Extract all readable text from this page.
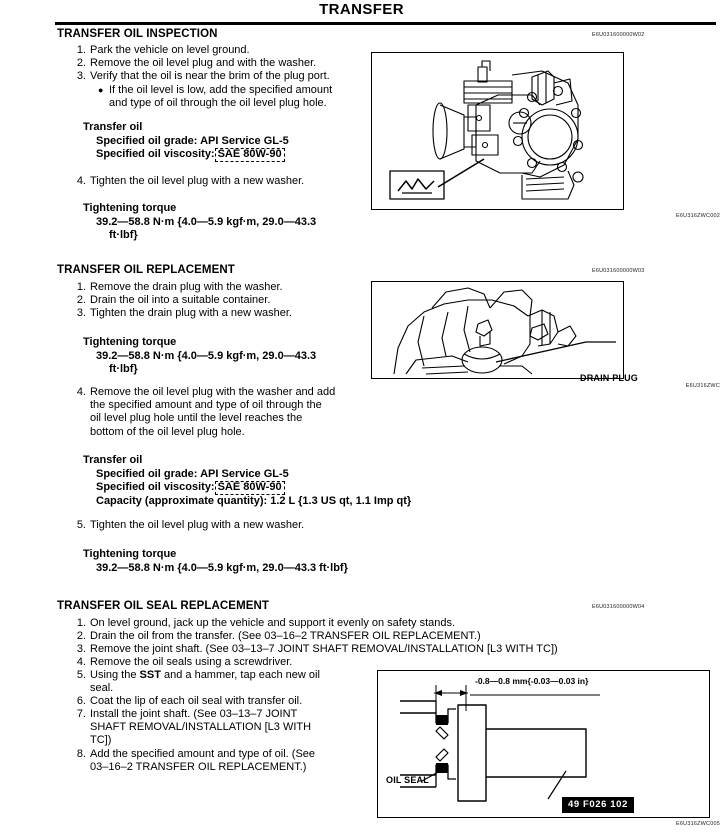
TRANSFER
TRANSFER OIL INSPECTION	E6U031600000W02
1. Park the vehicle on level ground.
2. Remove the oil level plug and with the washer.
3. Verify that the oil is near the brim of the plug port.
● If the oil level is low, add the specified amount and type of oil through the oil level plug hole.
Transfer oil
Specified oil grade: API Service GL-5
Specified oil viscosity: SAE 80W-90
4. Tighten the oil level plug with a new washer.
Tightening torque
39.2—58.8 N·m {4.0—5.9 kgf·m, 29.0—43.3
ft·lbf}
E6U316ZWC002
TRANSFER OIL REPLACEMENT	E6U031600000W03
1. Remove the drain plug with the washer.
2. Drain the oil into a suitable container.
3. Tighten the drain plug with a new washer.
Tightening torque
39.2—58.8 N·m {4.0—5.9 kgf·m, 29.0—43.3
ft·lbf}
4. Remove the oil level plug with the washer and add
the specified amount and type of oil through the
oil level plug hole until the level reaches the
bottom of the oil level plug hole.
Transfer oil
Specified oil grade: API Service GL-5
Specified oil viscosity: SAE 80W-90
Capacity (approximate quantity): 1.2 L {1.3 US qt, 1.1 Imp qt}
5. Tighten the oil level plug with a new washer.
Tightening torque
39.2—58.8 N·m {4.0—5.9 kgf·m, 29.0—43.3 ft·lbf}
DRAIN PLUG
E6U316ZWC
TRANSFER OIL SEAL REPLACEMENT	E6U031600000W04
1. On level ground, jack up the vehicle and support it evenly on safety stands.
2. Drain the oil from the transfer. (See 03–16–2 TRANSFER OIL REPLACEMENT.)
3. Remove the joint shaft. (See 03–13–7 JOINT SHAFT REMOVAL/INSTALLATION [L3 WITH TC])
4. Remove the oil seals using a screwdriver.
5. Using the SST and a hammer, tap each new oil
seal.
6. Coat the lip of each oil seal with transfer oil.
7. Install the joint shaft. (See 03–13–7 JOINT
SHAFT REMOVAL/INSTALLATION [L3 WITH
TC])
8. Add the specified amount and type of oil. (See
03–16–2 TRANSFER OIL REPLACEMENT.)
-0.8—0.8 mm{-0.03—0.03 in}
OIL SEAL
49 F026 102
E6U316ZWC005
